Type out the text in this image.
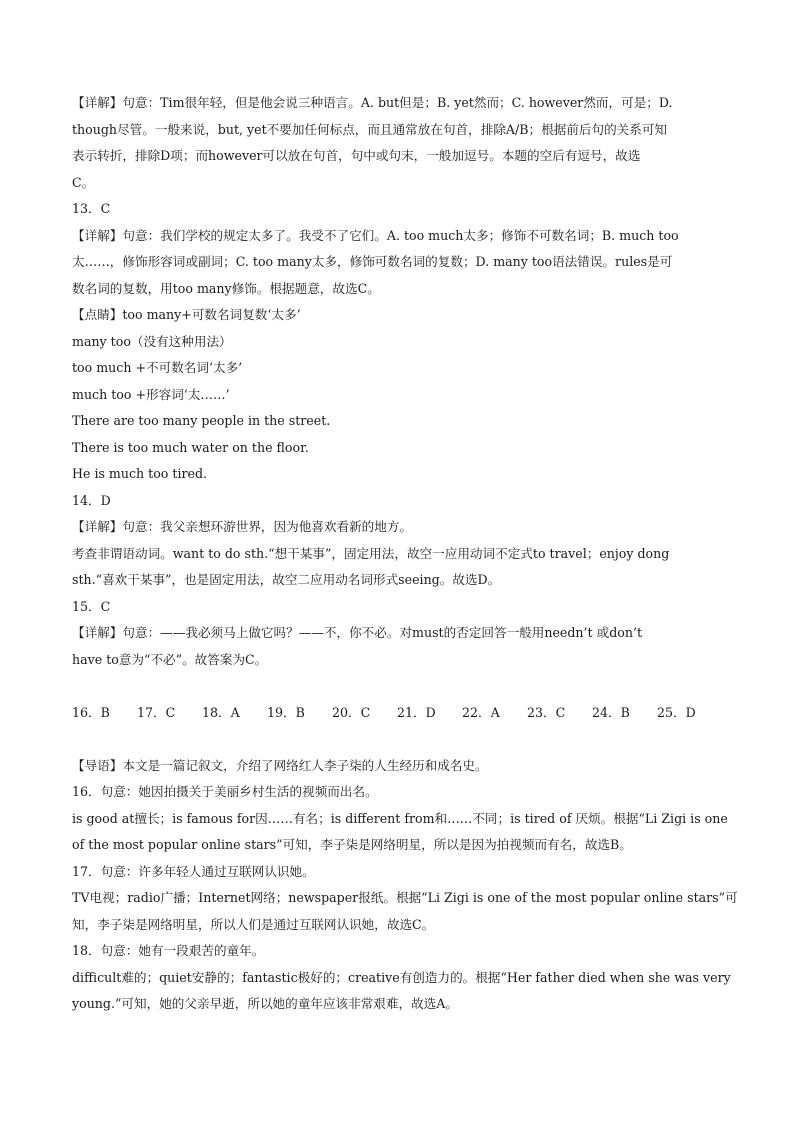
【详解】句意：Tim很年轻，但是他会说三种语言。A. but但是；B. yet然而；C. however然而，可是；D.
though尽管。一般来说，but, yet不要加任何标点，而且通常放在句首，排除A/B；根据前后句的关系可知
表示转折，排除D项；而however可以放在句首，句中或句末，一般加逗号。本题的空后有逗号，故选
C。
13．C
【详解】句意：我们学校的规定太多了。我受不了它们。A. too much太多；修饰不可数名词；B. much too
太……，修饰形容词或副词；C. too many太多，修饰可数名词的复数；D. many too语法错误。rules是可
数名词的复数，用too many修饰。根据题意，故选C。
【点睛】too many+可数名词复数‘太多’
many too（没有这种用法）
too much +不可数名词‘太多’
much too +形容词‘太……’
There are too many people in the street.
There is too much water on the floor.
He is much too tired.
14．D
【详解】句意：我父亲想环游世界，因为他喜欢看新的地方。
考查非谓语动词。want to do sth.“想干某事”，固定用法，故空一应用动词不定式to travel；enjoy dong
sth.“喜欢干某事”，也是固定用法，故空二应用动名词形式seeing。故选D。
15．C
【详解】句意：——我必须马上做它吗？——不，你不必。对must的否定回答一般用needn’t 或don’t
have to意为“不必”。故答案为C。
16．B	17．C	18．A	19．B	20．C	21．D	22．A	23．C	24．B	25．D
【导语】本文是一篇记叙文，介绍了网络红人李子柒的人生经历和成名史。
16．句意：她因拍摄关于美丽乡村生活的视频而出名。
is good at擅长；is famous for因……有名；is different from和……不同；is tired of 厌烦。根据“Li Zigi is one
of the most popular online stars”可知，李子柒是网络明星，所以是因为拍视频而有名，故选B。
17．句意：许多年轻人通过互联网认识她。
TV电视；radio广播；Internet网络；newspaper报纸。根据“Li Zigi is one of the most popular online stars”可
知，李子柒是网络明星，所以人们是通过互联网认识她，故选C。
18．句意：她有一段艰苦的童年。
difficult难的；quiet安静的；fantastic极好的；creative有创造力的。根据“Her father died when she was very
young.”可知，她的父亲早逝，所以她的童年应该非常艰难，故选A。
